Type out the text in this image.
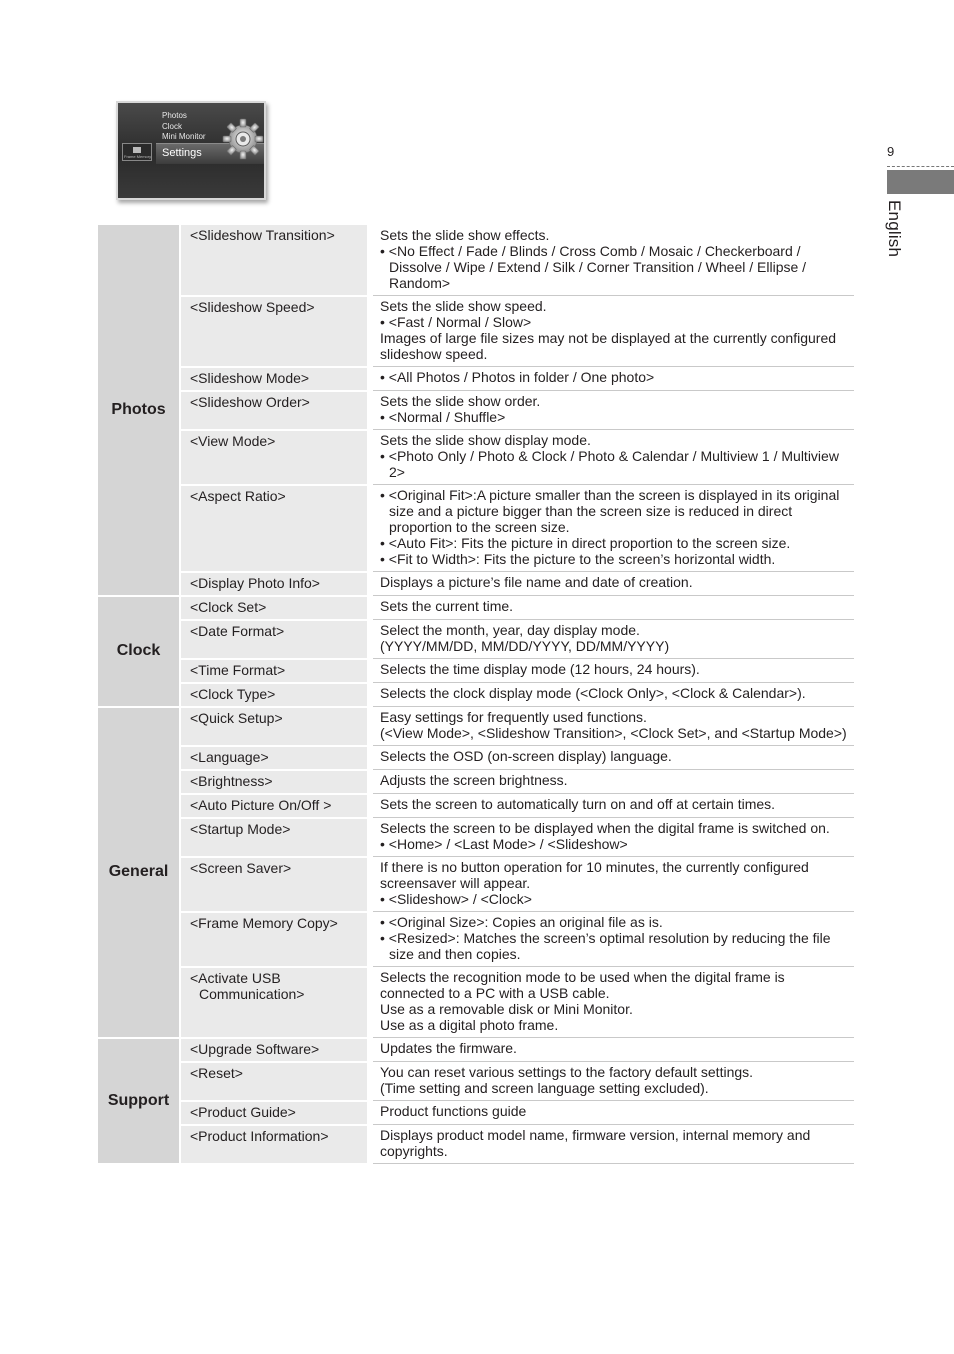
Photos
Clock
Mini Monitor
Settings
Frame Memory	9
English
Photos	<Slideshow Transition>	Sets the slide show effects.
• <No Effect / Fade / Blinds / Cross Comb / Mosaic / Checkerboard / Dissolve / Wipe / Extend / Silk / Corner Transition / Wheel / Ellipse / Random>

	<Slideshow Speed>	Sets the slide show speed.
• <Fast / Normal / Slow>
Images of large file sizes may not be displayed at the currently configured slideshow speed.

	<Slideshow Mode>	• <All Photos / Photos in folder / One photo>

	<Slideshow Order>	Sets the slide show order.
• <Normal / Shuffle>

	<View Mode>	Sets the slide show display mode.
• <Photo Only / Photo & Clock / Photo & Calendar / Multiview 1 / Multiview 2>

	<Aspect Ratio>	• <Original Fit>:A picture smaller than the screen is displayed in its original size and a picture bigger than the screen size is reduced in direct proportion to the screen size.
• <Auto Fit>: Fits the picture in direct proportion to the screen size.
• <Fit to Width>: Fits the picture to the screen’s horizontal width.

	<Display Photo Info>	Displays a picture’s file name and date of creation.

Clock	<Clock Set>	Sets the current time.

	<Date Format>	Select the month, year, day display mode.
(YYYY/MM/DD, MM/DD/YYYY, DD/MM/YYYY)

	<Time Format>	Selects the time display mode (12 hours, 24 hours).

	<Clock Type>	Selects the clock display mode (<Clock Only>, <Clock & Calendar>).

General	<Quick Setup>	Easy settings for frequently used functions.
(<View Mode>, <Slideshow Transition>, <Clock Set>, and <Startup Mode>)

	<Language>	Selects the OSD (on-screen display) language.

	<Brightness>	Adjusts the screen brightness.

	<Auto Picture On/Off >	Sets the screen to automatically turn on and off at certain times.

	<Startup Mode>	Selects the screen to be displayed when the digital frame is switched on.
• <Home> / <Last Mode> / <Slideshow>

	<Screen Saver>	If there is no button operation for 10 minutes, the currently configured screensaver will appear.
• <Slideshow> / <Clock>

	<Frame Memory Copy>	• <Original Size>: Copies an original file as is.
• <Resized>: Matches the screen’s optimal resolution by reducing the file size and then copies.

	<Activate USB
Communication>	Selects the recognition mode to be used when the digital frame is connected to a PC with a USB cable.
Use as a removable disk or Mini Monitor.
Use as a digital photo frame.

Support	<Upgrade Software>	Updates the firmware.

	<Reset>	You can reset various settings to the factory default settings.
(Time setting and screen language setting excluded).

	<Product Guide>	Product functions guide

	<Product Information>	Displays product model name, firmware version, internal memory and copyrights.
